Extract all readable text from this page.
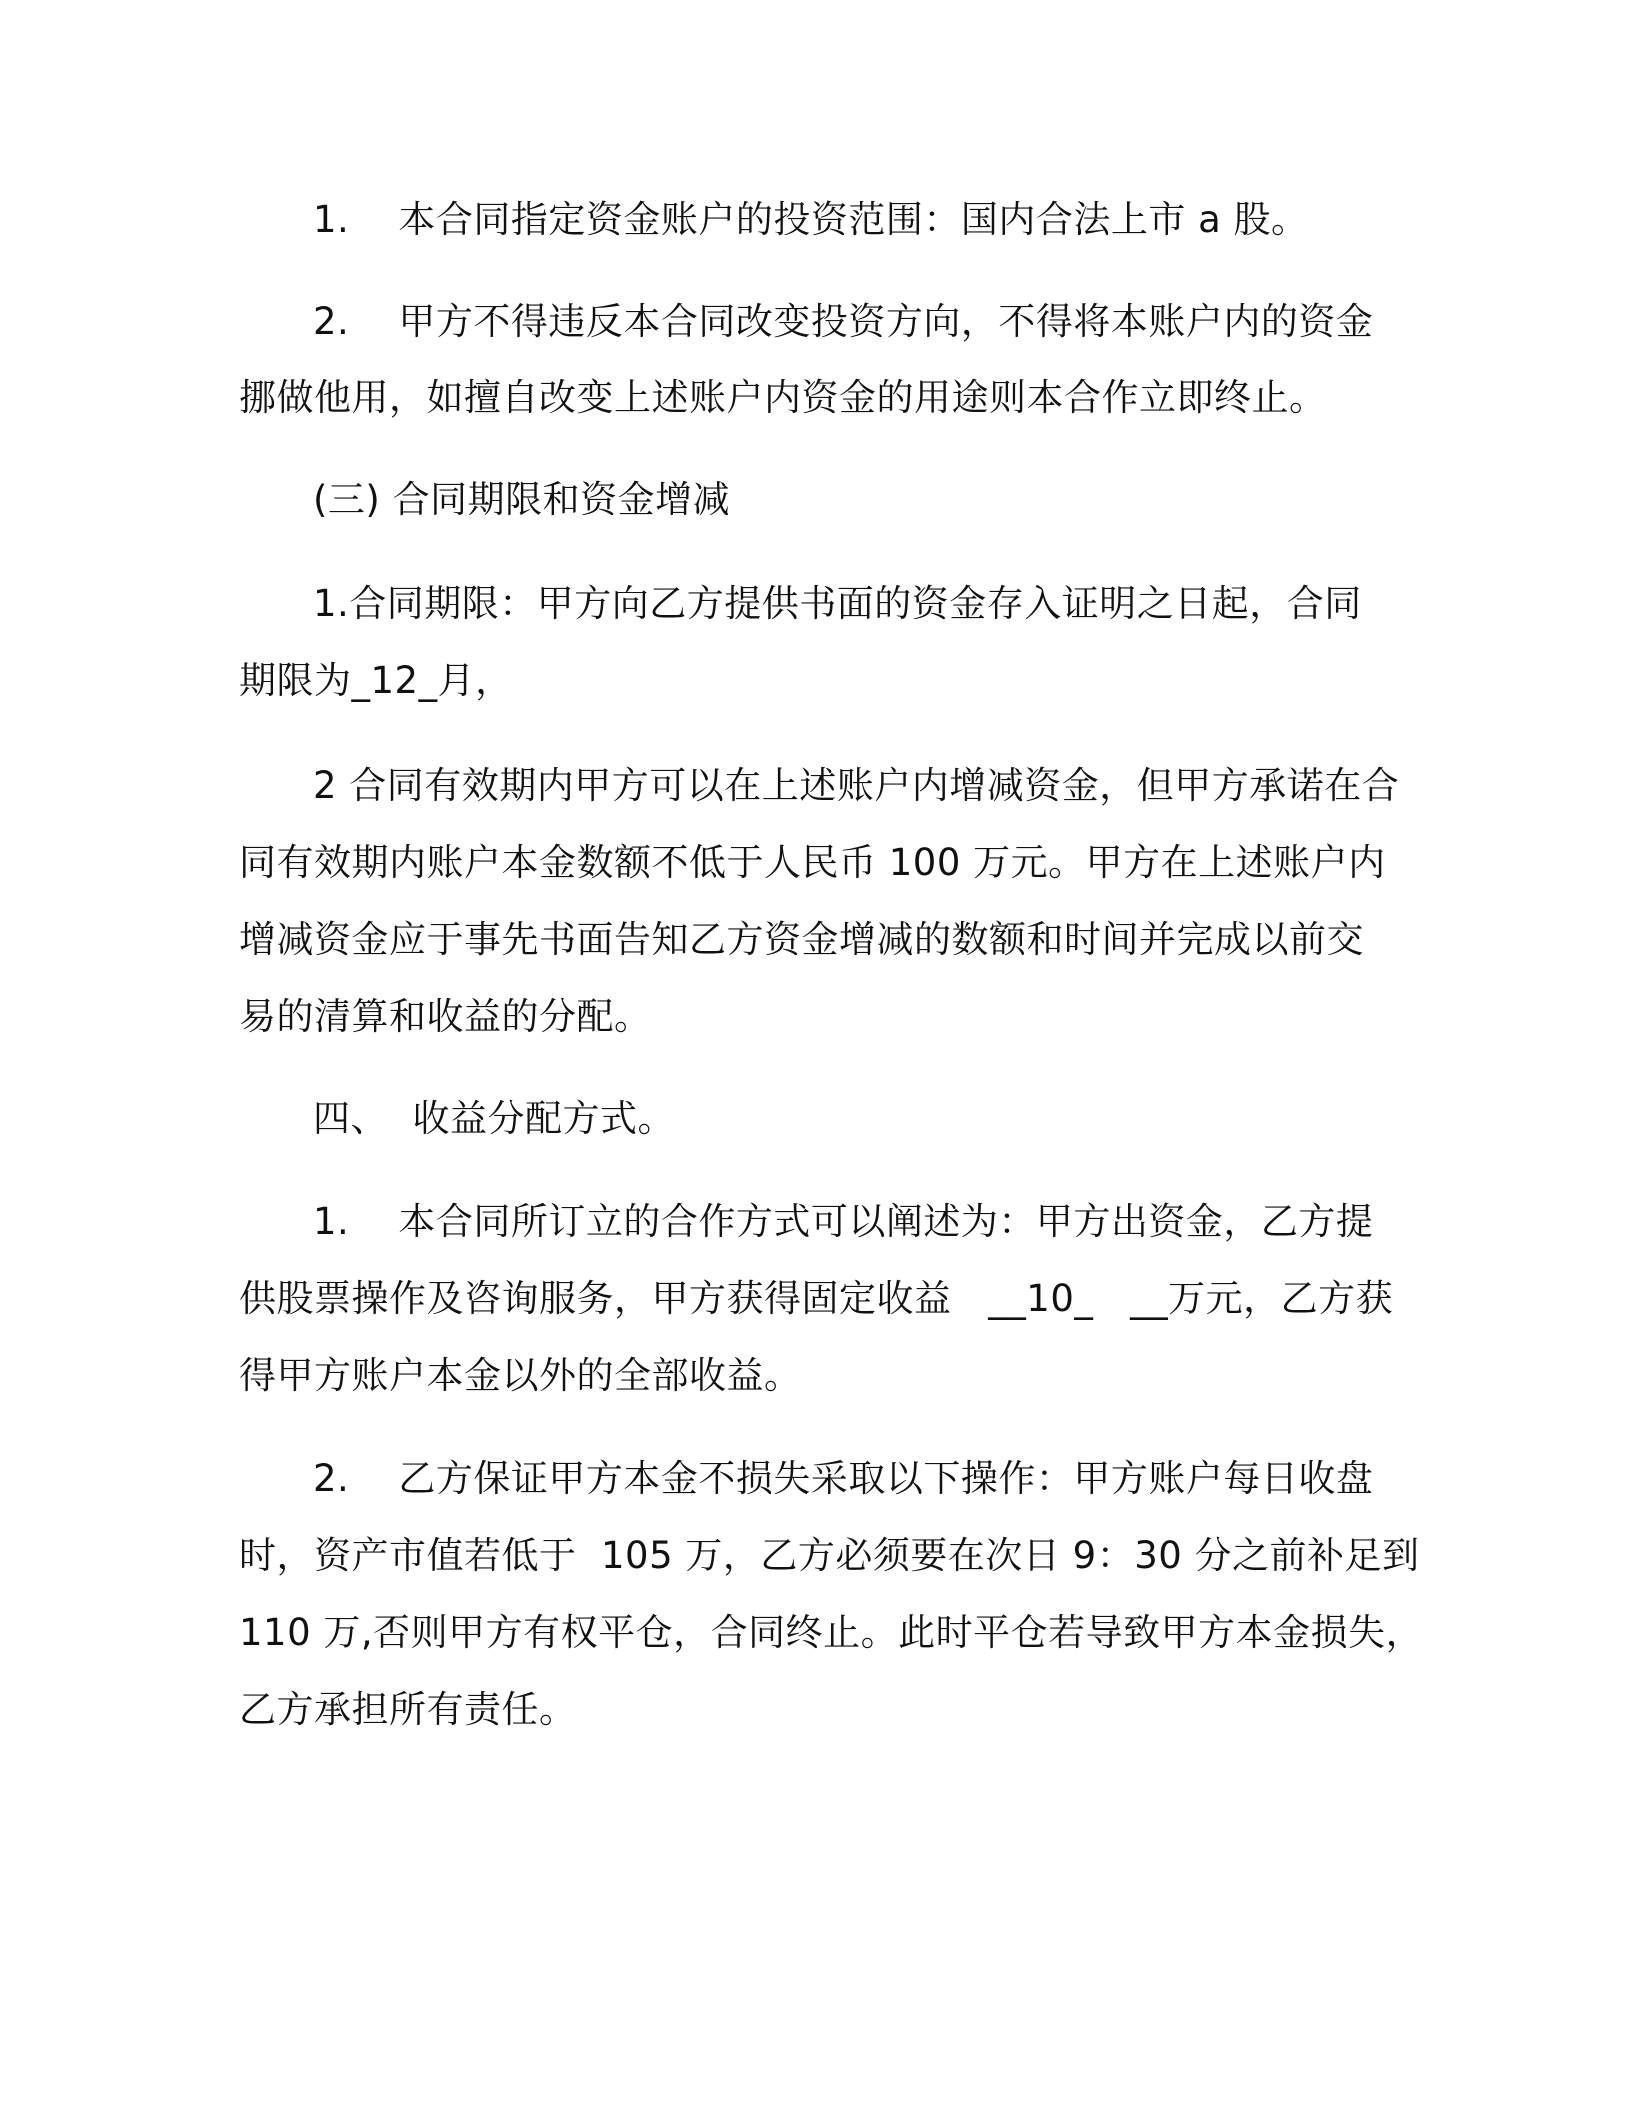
1.    本合同指定资金账户的投资范围：国内合法上市 a 股。

2.    甲方不得违反本合同改变投资方向，不得将本账户内的资金

挪做他用，如擅自改变上述账户内资金的用途则本合作立即终止。

(三) 合同期限和资金增减

1.合同期限：甲方向乙方提供书面的资金存入证明之日起，合同

期限为_12_月，

2 合同有效期内甲方可以在上述账户内增减资金，但甲方承诺在合

同有效期内账户本金数额不低于人民币 100 万元。甲方在上述账户内

增减资金应于事先书面告知乙方资金增减的数额和时间并完成以前交

易的清算和收益的分配。

四、  收益分配方式。

1.    本合同所订立的合作方式可以阐述为：甲方出资金，乙方提

供股票操作及咨询服务，甲方获得固定收益   __10_   __万元，乙方获

得甲方账户本金以外的全部收益。

2.    乙方保证甲方本金不损失采取以下操作：甲方账户每日收盘

时，资产市值若低于  105 万，乙方必须要在次日 9：30 分之前补足到

110 万,否则甲方有权平仓，合同终止。此时平仓若导致甲方本金损失，

乙方承担所有责任。
